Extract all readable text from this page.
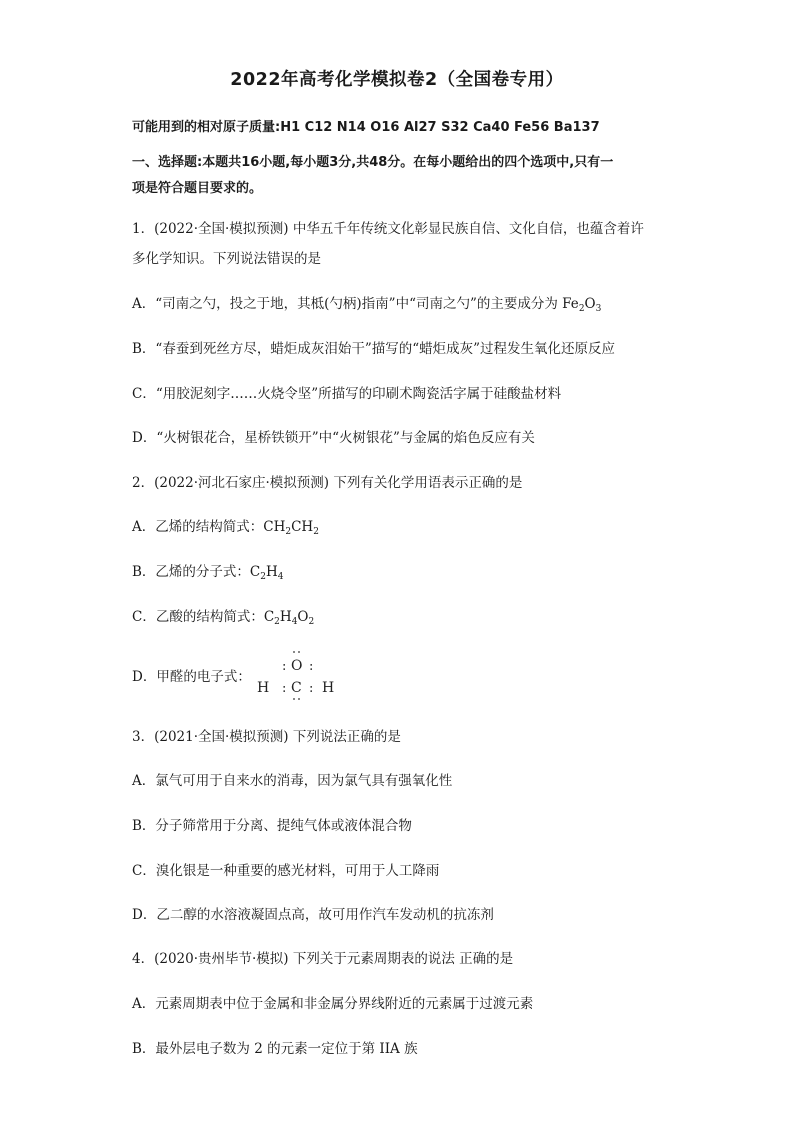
2022年高考化学模拟卷2（全国卷专用）
可能用到的相对原子质量:H1 C12 N14 O16 Al27 S32 Ca40 Fe56 Ba137
一、选择题:本题共16小题,每小题3分,共48分。在每小题给出的四个选项中,只有一
项是符合题目要求的。
1．(2022·全国·模拟预测) 中华五千年传统文化彰显民族自信、文化自信，也蕴含着许
多化学知识。下列说法错误的是
A．“司南之勺，投之于地，其柢(勺柄)指南”中“司南之勺”的主要成分为 $Fe_2O_3$
B．“春蚕到死丝方尽，蜡炬成灰泪始干”描写的“蜡炬成灰”过程发生氧化还原反应
C．“用胶泥刻字……火烧令坚”所描写的印刷术陶瓷活字属于硅酸盐材料
D．“火树银花合，星桥铁锁开”中“火树银花”与金属的焰色反应有关
2．(2022·河北石家庄·模拟预测) 下列有关化学用语表示正确的是
A．乙烯的结构简式：$CH_2CH_2$
B．乙烯的分子式：$C_2H_4$
C．乙酸的结构简式：$C_2H_4O_2$
D．甲醛的电子式：
: O :
H : C : H
3．(2021·全国·模拟预测) 下列说法正确的是
A．氯气可用于自来水的消毒，因为氯气具有强氧化性
B．分子筛常用于分离、提纯气体或液体混合物
C．溴化银是一种重要的感光材料，可用于人工降雨
D．乙二醇的水溶液凝固点高，故可用作汽车发动机的抗冻剂
4．(2020·贵州毕节·模拟) 下列关于元素周期表的说法 正确的是
A．元素周期表中位于金属和非金属分界线附近的元素属于过渡元素
B．最外层电子数为 2 的元素一定位于第 IIA 族
